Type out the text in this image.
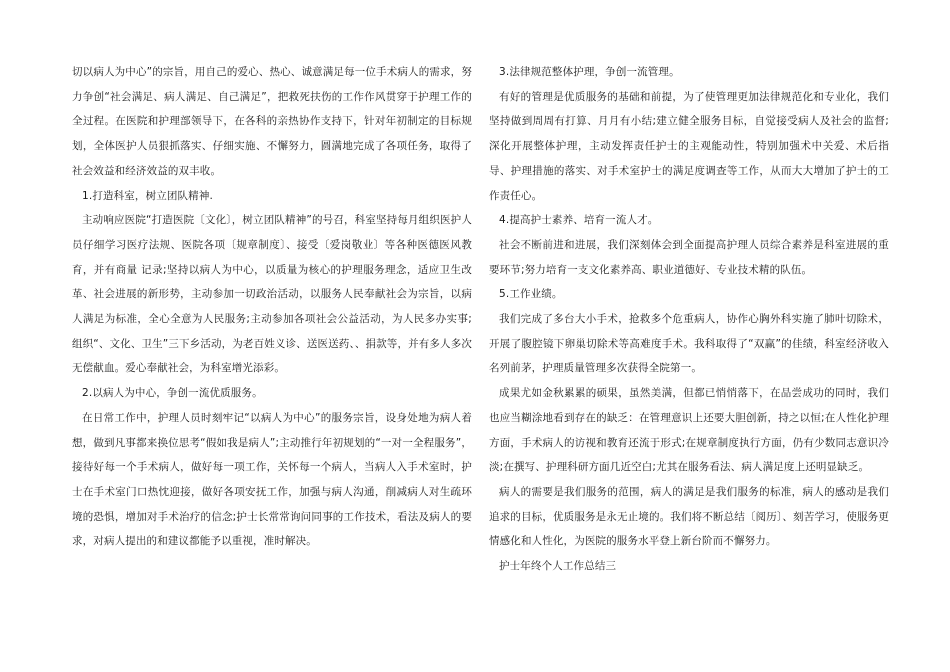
切以病人为中心”的宗旨，用自己的爱心、热心、诚意满足每一位手术病人的需求，努力争创“社会满足、病人满足、自己满足”，把救死扶伤的工作作风贯穿于护理工作的全过程。在医院和护理部领导下，在各科的亲热协作支持下，针对年初制定的目标规划，全体医护人员狠抓落实、仔细实施、不懈努力，圆满地完成了各项任务，取得了社会效益和经济效益的双丰收。

1.打造科室，树立团队精神.

主动响应医院“打造医院〔文化〕，树立团队精神”的号召，科室坚持每月组织医护人员仔细学习医疗法规、医院各项〔规章制度〕、接受〔爱岗敬业〕等各种医德医风教育，并有商量 记录;坚持以病人为中心，以质量为核心的护理服务理念，适应卫生改革、社会进展的新形势，主动参加一切政治活动，以服务人民奉献社会为宗旨，以病人满足为标准，全心全意为人民服务;主动参加各项社会公益活动，为人民多办实事;组织“、文化、卫生”三下乡活动，为老百姓义诊、送医送药、、捐款等，并有多人多次无偿献血。爱心奉献社会，为科室增光添彩。

2.以病人为中心，争创一流优质服务。

在日常工作中，护理人员时刻牢记“以病人为中心”的服务宗旨，设身处地为病人着想，做到凡事都来换位思考“假如我是病人”;主动推行年初规划的“一对一全程服务”，接待好每一个手术病人，做好每一项工作，关怀每一个病人，当病人入手术室时，护士在手术室门口热忱迎接，做好各项安抚工作，加强与病人沟通，削减病人对生疏环境的恐惧，增加对手术治疗的信念;护士长常常询问同事的工作技术，看法及病人的要求，对病人提出的和建议都能予以重视，准时解决。

3.法律规范整体护理，争创一流管理。

有好的管理是优质服务的基础和前提，为了使管理更加法律规范化和专业化，我们坚持做到周周有打算、月月有小结;建立健全服务目标，自觉接受病人及社会的监督;深化开展整体护理，主动发挥责任护士的主观能动性，特别加强术中关爱、术后指导、护理措施的落实、对手术室护士的满足度调查等工作，从而大大增加了护士的工作责任心。

4.提高护士素养、培育一流人才。

社会不断前进和进展，我们深刻体会到全面提高护理人员综合素养是科室进展的重要环节;努力培育一支文化素养高、职业道德好、专业技术精的队伍。

5.工作业绩。

我们完成了多台大小手术，抢救多个危重病人，协作心胸外科实施了肺叶切除术，开展了腹腔镜下卵巢切除术等高难度手术。我科取得了“双赢”的佳绩，科室经济收入名列前茅，护理质量管理多次获得全院第一。

成果尤如金秋累累的硕果，虽然美满，但都已悄悄落下，在品尝成功的同时，我们也应当糊涂地看到存在的缺乏：在管理意识上还要大胆创新，持之以恒;在人性化护理方面，手术病人的访视和教育还流于形式;在规章制度执行方面，仍有少数同志意识冷淡;在撰写、护理科研方面几近空白;尤其在服务看法、病人满足度上还明显缺乏。

病人的需要是我们服务的范围，病人的满足是我们服务的标准，病人的感动是我们追求的目标，优质服务是永无止境的。我们将不断总结〔阅历〕、刻苦学习，使服务更情感化和人性化，为医院的服务水平登上新台阶而不懈努力。

护士年终个人工作总结三
